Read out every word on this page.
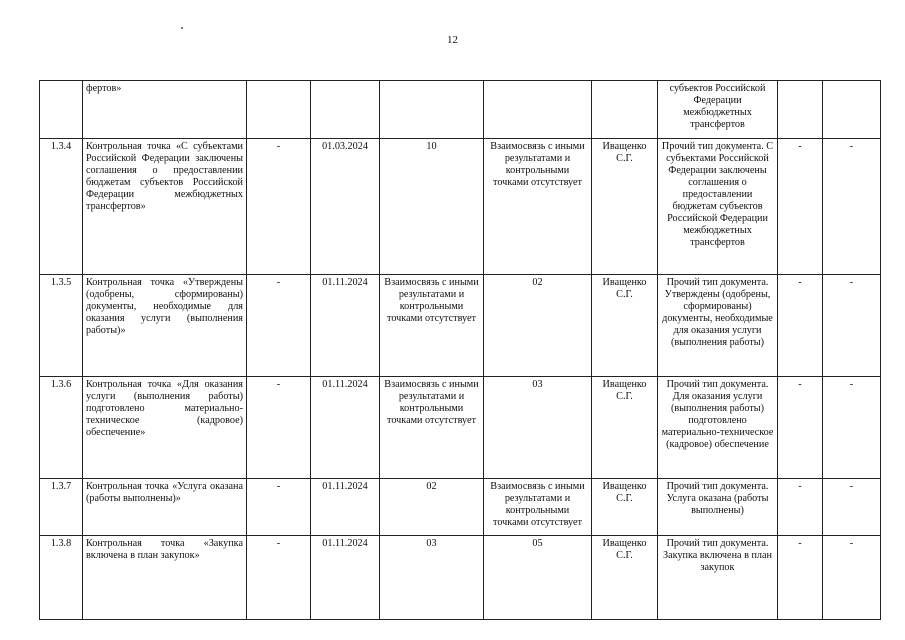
12
	фертов»						субъектов Российской Федерации межбюджетных трансфертов		
1.3.4	Контрольная точка «С субъектами Российской Федерации заключены соглашения о предоставлении бюджетам субъектов Российской Федерации межбюджетных трансфертов»	-	01.03.2024	10	Взаимосвязь с иными результатами и контрольными точками отсутствует	Иващенко С.Г.	Прочий тип документа. С субъектами Российской Федерации заключены соглашения о предоставлении бюджетам субъектов Российской Федерации межбюджетных трансфертов	-	-
1.3.5	Контрольная точка «Утверждены (одобрены, сформированы) документы, необходимые для оказания услуги (выполнения работы)»	-	01.11.2024	Взаимосвязь с иными результатами и контрольными точками отсутствует	02	Иващенко С.Г.	Прочий тип документа. Утверждены (одобрены, сформированы) документы, необходимые для оказания услуги (выполнения работы)	-	-
1.3.6	Контрольная точка «Для оказания услуги (выполнения работы) подготовлено материально-техническое (кадровое) обеспечение»	-	01.11.2024	Взаимосвязь с иными результатами и контрольными точками отсутствует	03	Иващенко С.Г.	Прочий тип документа. Для оказания услуги (выполнения работы) подготовлено материально-техническое (кадровое) обеспечение	-	-
1.3.7	Контрольная точка «Услуга оказана (работы выполнены)»	-	01.11.2024	02	Взаимосвязь с иными результатами и контрольными точками отсутствует	Иващенко С.Г.	Прочий тип документа. Услуга оказана (работы выполнены)	-	-
1.3.8	Контрольная точка «Закупка включена в план закупок»	-	01.11.2024	03	05	Иващенко С.Г.	Прочий тип документа. Закупка включена в план закупок	-	-
